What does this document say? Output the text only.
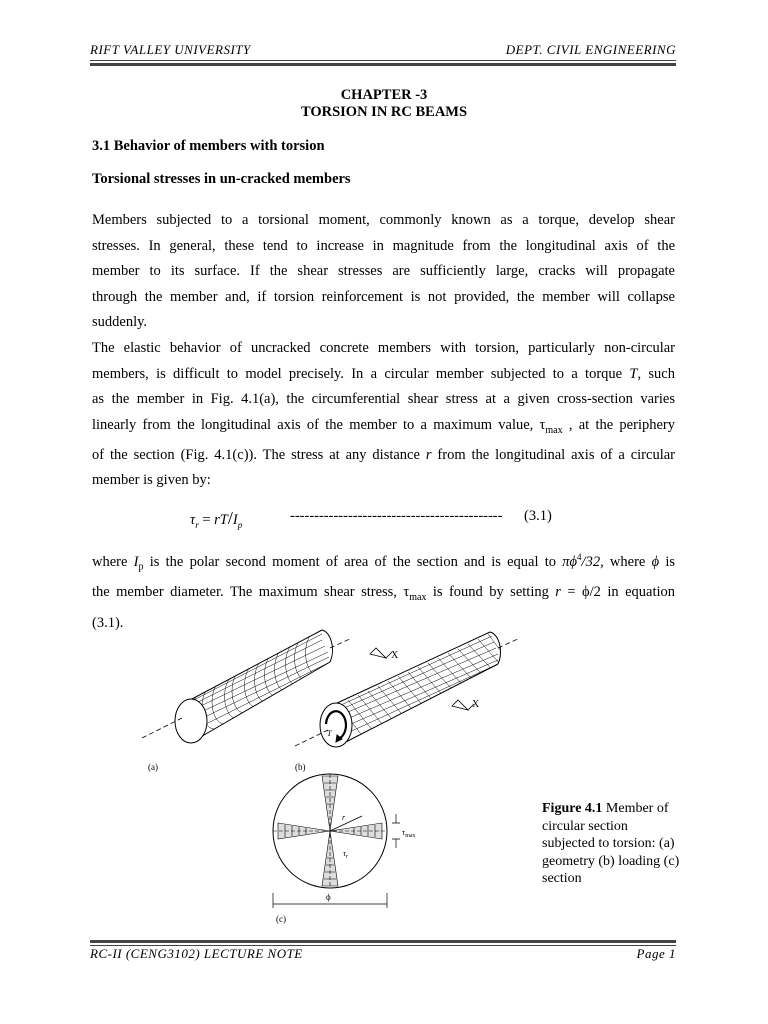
RIFT VALLEY UNIVERSITY	DEPT. CIVIL ENGINEERING
CHAPTER -3
TORSION IN RC BEAMS
3.1 Behavior of members with torsion
Torsional stresses in un-cracked members

Members subjected to a torsional moment, commonly known as a torque, develop shear
stresses. In general, these tend to increase in magnitude from the longitudinal axis of the
member to its surface. If the shear stresses are sufficiently large, cracks will propagate
through the member and, if torsion reinforcement is not provided, the member will collapse
suddenly.

The elastic behavior of uncracked concrete members with torsion, particularly non-circular
members, is difficult to model precisely. In a circular member subjected to a torque T, such
as the member in Fig. 4.1(a), the circumferential shear stress at a given cross-section varies
linearly from the longitudinal axis of the member to a maximum value, $\tau_{max}$ , at the periphery
of the section (Fig. 4.1(c)). The stress at any distance r from the longitudinal axis of a circular
member is given by:

$\tau_r = rT/I_p$
-------------------------------------------- (3.1)

where $I_p$ is the polar second moment of area of the section and is equal to $\pi\phi^4/32$, where ϕ is
the member diameter. The maximum shear stress, $\tau_{max}$ is found by setting r = ϕ/2 in equation
(3.1).

(a)
T
(b)
X
X
r
$\tau_r$
$\tau_{max}$
ϕ
(c)
Figure 4.1 Member of circular section subjected to torsion: (a) geometry (b) loading (c) section
RC-II (CENG3102) LECTURE NOTE	Page 1
